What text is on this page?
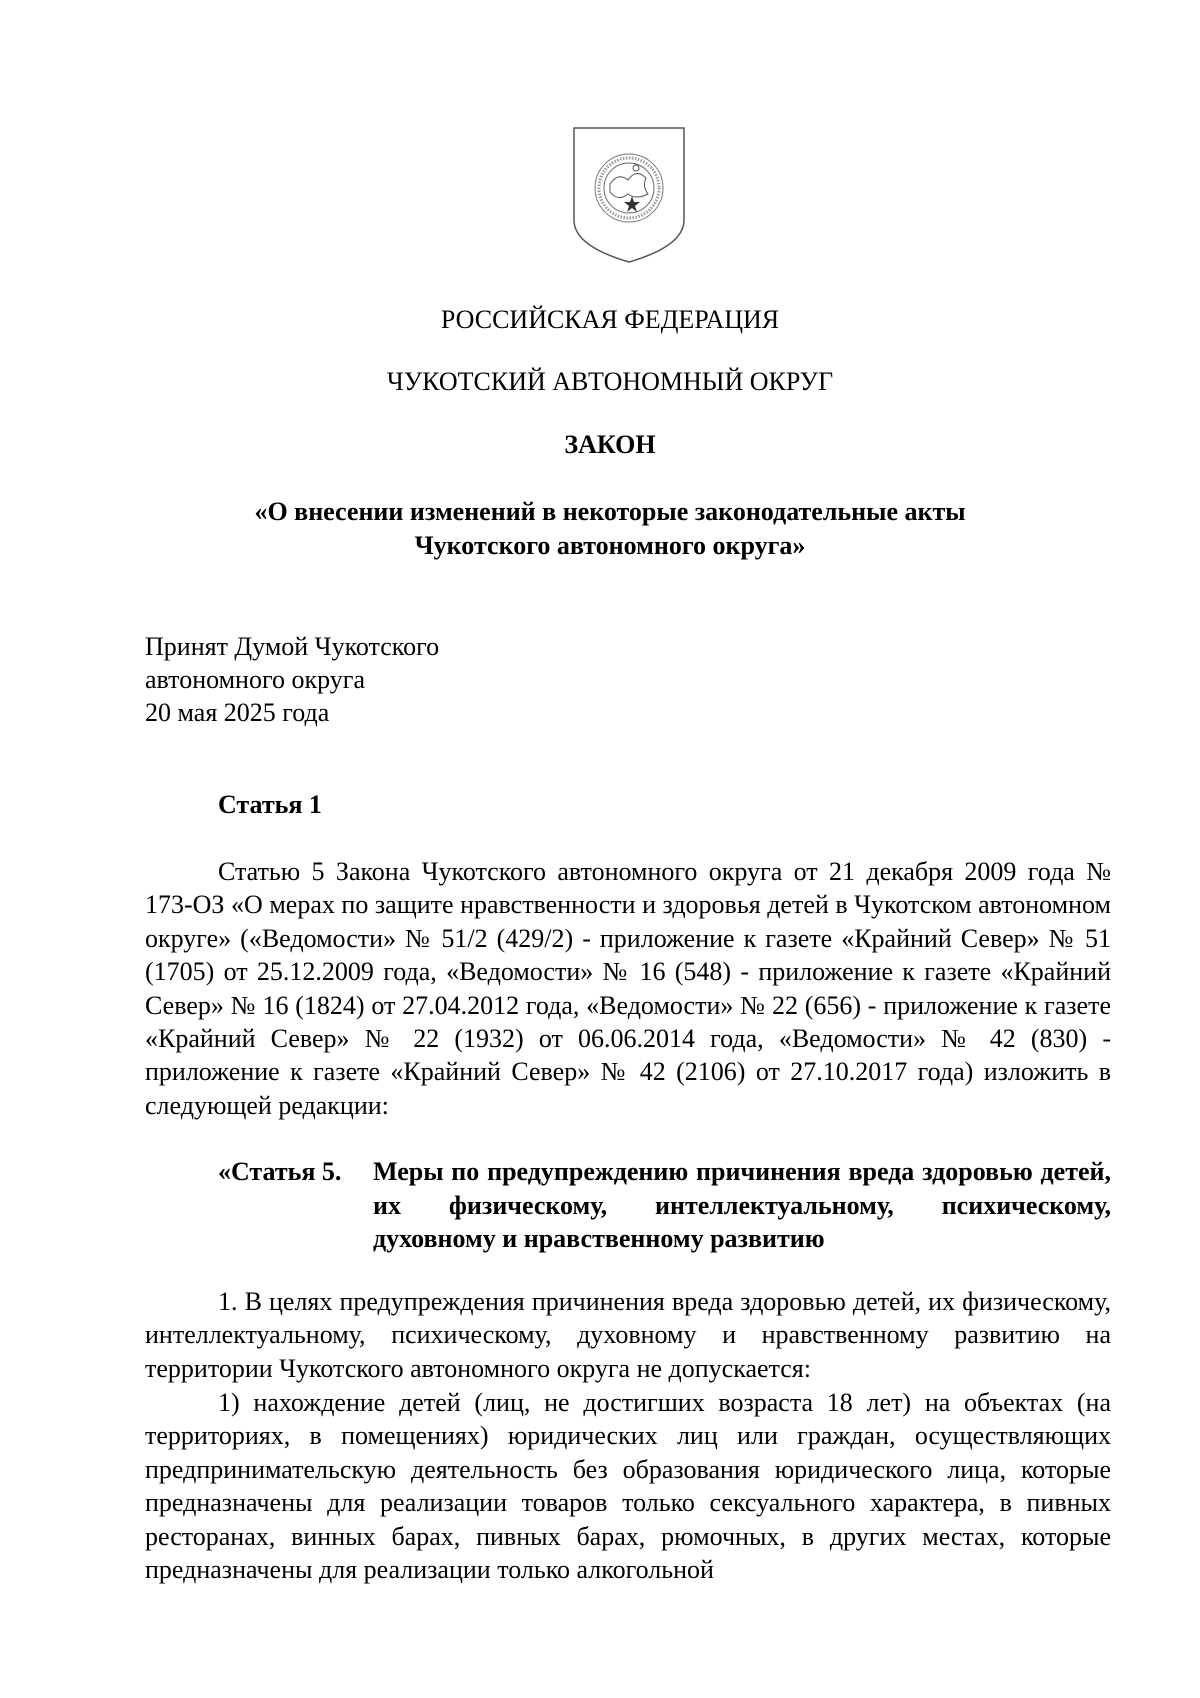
РОССИЙСКАЯ ФЕДЕРАЦИЯ
ЧУКОТСКИЙ АВТОНОМНЫЙ ОКРУГ
ЗАКОН
«О внесении изменений в некоторые законодательные акты
Чукотского автономного округа»
Принят Думой Чукотского
автономного округа
20 мая 2025 года
Статья 1
Статью 5 Закона Чукотского автономного округа от 21 декабря 2009 года № 173-ОЗ «О мерах по защите нравственности и здоровья детей в Чукотском автономном округе» («Ведомости» № 51/2 (429/2) - приложение к газете «Крайний Север» № 51 (1705) от 25.12.2009 года, «Ведомости» № 16 (548) - приложение к газете «Крайний Север» № 16 (1824) от 27.04.2012 года, «Ведомости» № 22 (656) - приложение к газете «Крайний Север» № 22 (1932) от 06.06.2014 года, «Ведомости» № 42 (830) - приложение к газете «Крайний Север» № 42 (2106) от 27.10.2017 года) изложить в следующей редакции:
«Статья 5. Меры по предупреждению причинения вреда здоровью детей, их физическому, интеллектуальному, психическому, духовному и нравственному развитию
1. В целях предупреждения причинения вреда здоровью детей, их физическому, интеллектуальному, психическому, духовному и нравственному развитию на территории Чукотского автономного округа не допускается:
1) нахождение детей (лиц, не достигших возраста 18 лет) на объектах (на территориях, в помещениях) юридических лиц или граждан, осуществляющих предпринимательскую деятельность без образования юридического лица, которые предназначены для реализации товаров только сексуального характера, в пивных ресторанах, винных барах, пивных барах, рюмочных, в других местах, которые предназначены для реализации только алкогольной
